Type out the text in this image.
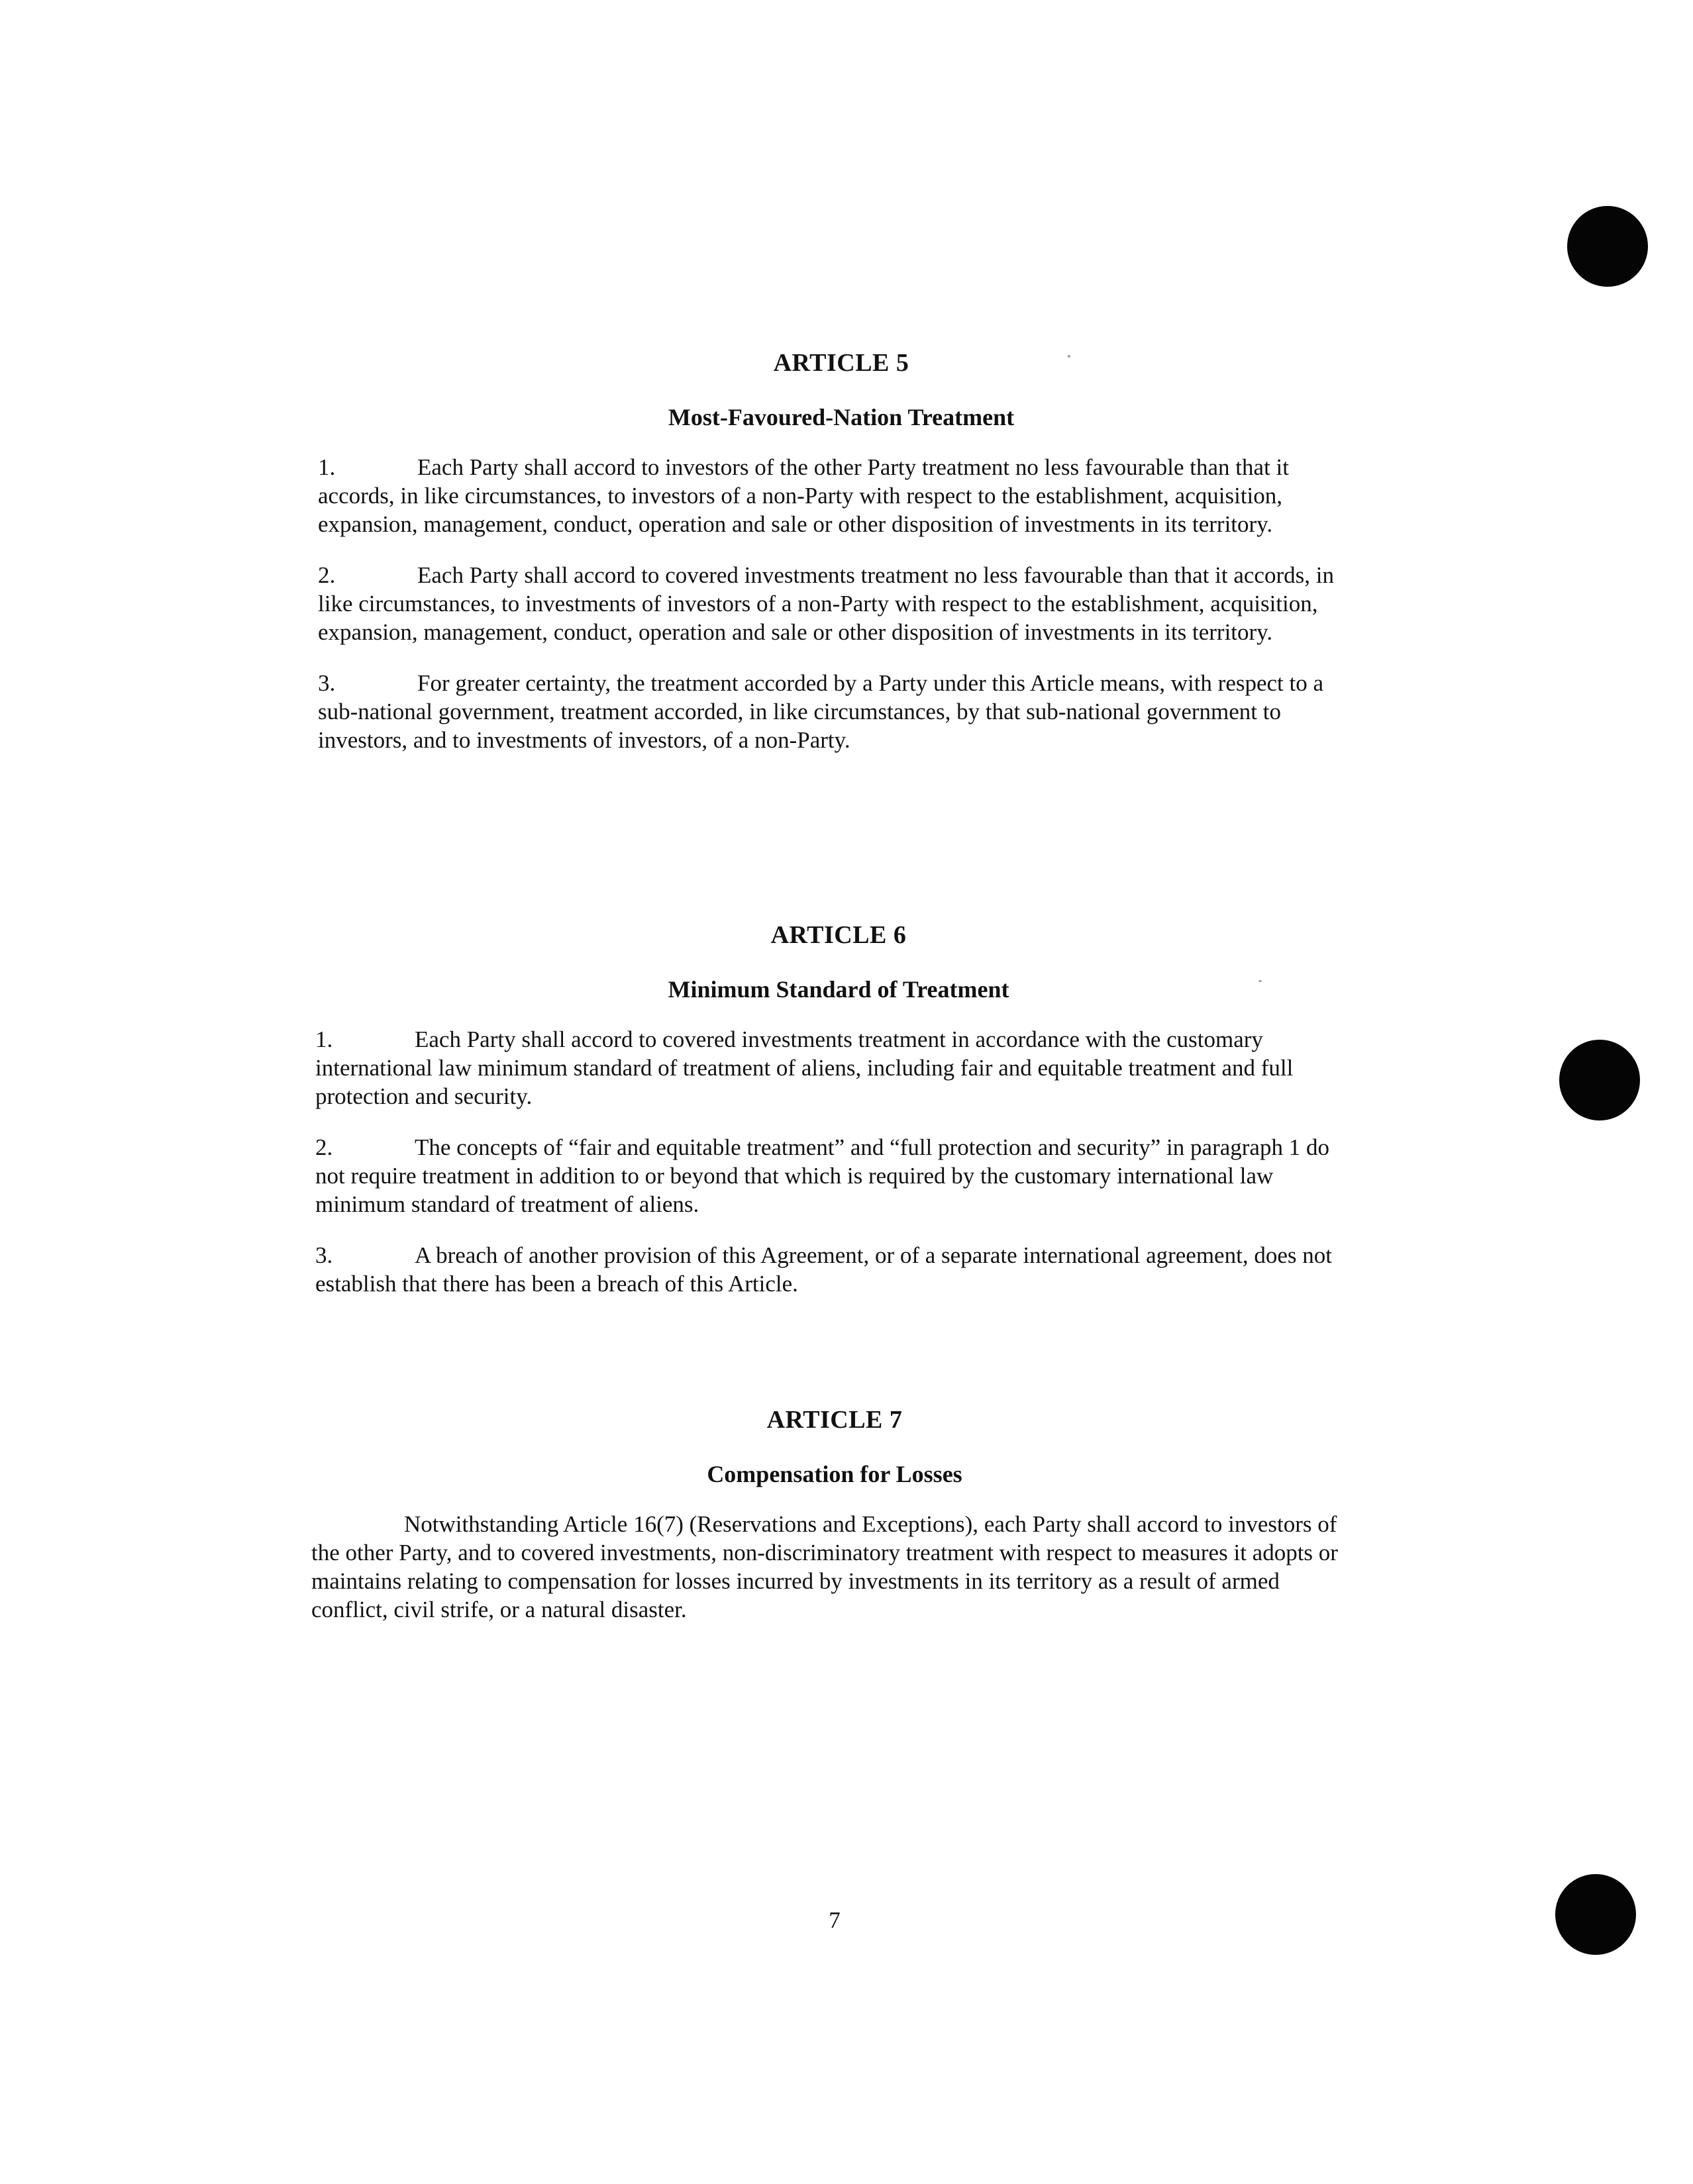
ARTICLE 5
Most-Favoured-Nation Treatment

1.	Each Party shall accord to investors of the other Party treatment no less favourable than that it accords, in like circumstances, to investors of a non-Party with respect to the establishment, acquisition, expansion, management, conduct, operation and sale or other disposition of investments in its territory.

2.	Each Party shall accord to covered investments treatment no less favourable than that it accords, in like circumstances, to investments of investors of a non-Party with respect to the establishment, acquisition, expansion, management, conduct, operation and sale or other disposition of investments in its territory.

3.	For greater certainty, the treatment accorded by a Party under this Article means, with respect to a sub-national government, treatment accorded, in like circumstances, by that sub-national government to investors, and to investments of investors, of a non-Party.

ARTICLE 6
Minimum Standard of Treatment

1.	Each Party shall accord to covered investments treatment in accordance with the customary international law minimum standard of treatment of aliens, including fair and equitable treatment and full protection and security.

2.	The concepts of “fair and equitable treatment” and “full protection and security” in paragraph 1 do not require treatment in addition to or beyond that which is required by the customary international law minimum standard of treatment of aliens.

3.	A breach of another provision of this Agreement, or of a separate international agreement, does not establish that there has been a breach of this Article.

ARTICLE 7
Compensation for Losses

Notwithstanding Article 16(7) (Reservations and Exceptions), each Party shall accord to investors of the other Party, and to covered investments, non-discriminatory treatment with respect to measures it adopts or maintains relating to compensation for losses incurred by investments in its territory as a result of armed conflict, civil strife, or a natural disaster.

7
